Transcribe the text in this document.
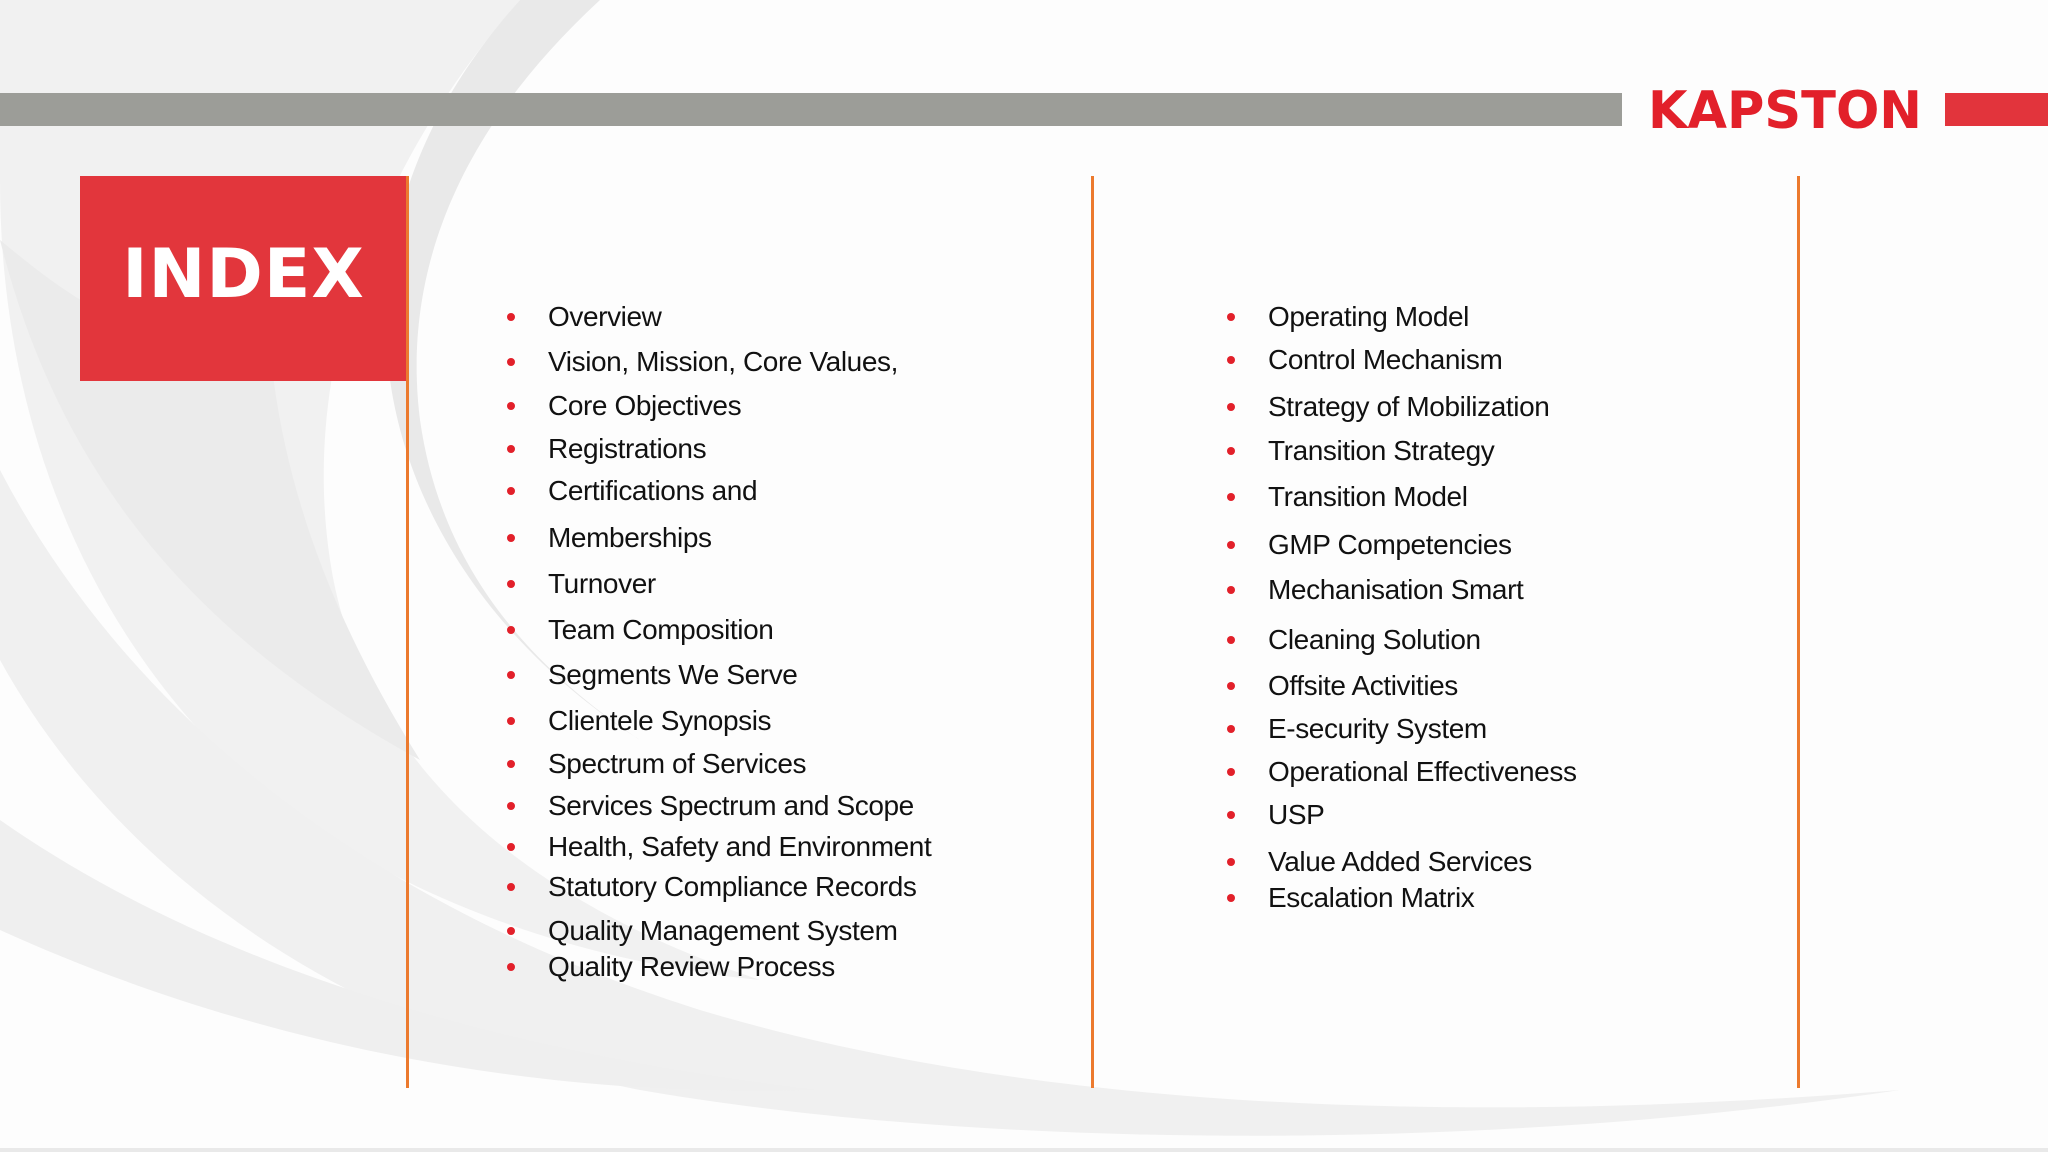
KAPSTON
INDEX
Overview
Vision, Mission, Core Values,
Core Objectives
Registrations
Certifications and
Memberships
Turnover
Team Composition
Segments We Serve
Clientele Synopsis
Spectrum of Services
Services Spectrum and Scope
Health, Safety and Environment
Statutory Compliance Records
Quality Management System
Quality Review Process
Operating Model
Control Mechanism
Strategy of Mobilization
Transition Strategy
Transition Model
GMP Competencies
Mechanisation Smart
Cleaning Solution
Offsite Activities
E-security System
Operational Effectiveness
USP
Value Added Services
Escalation Matrix
